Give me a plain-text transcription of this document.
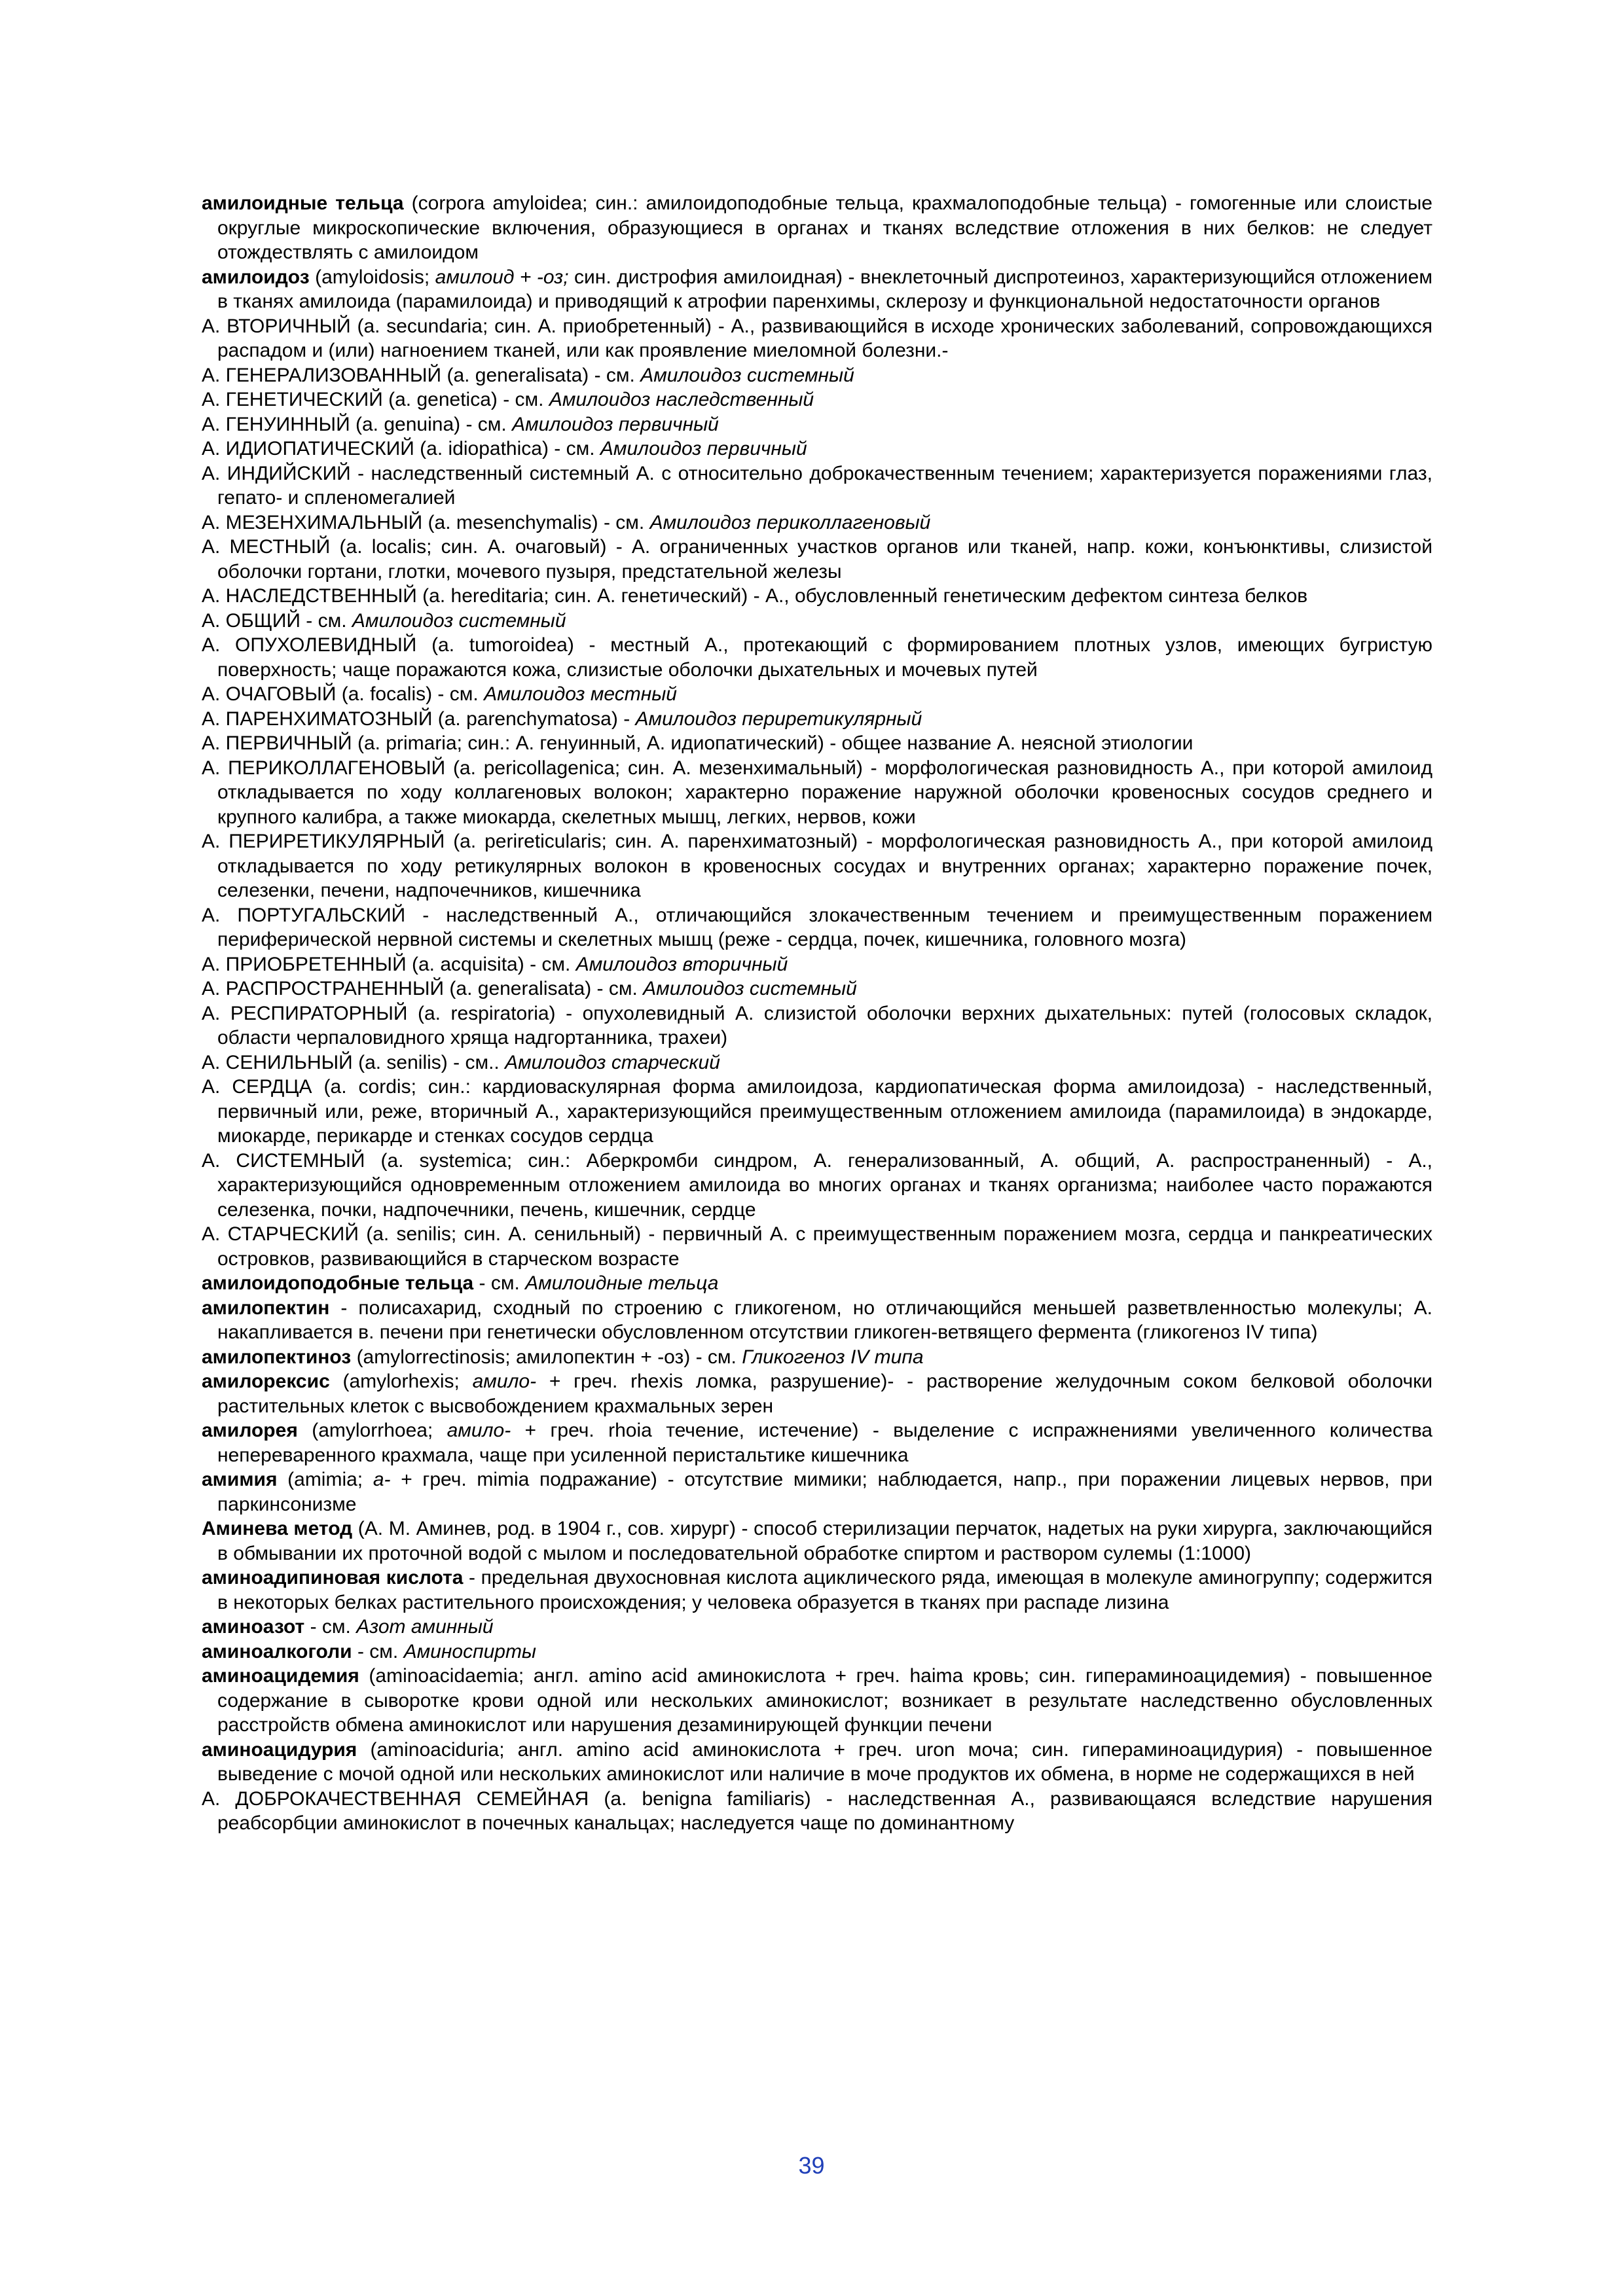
амилоидные тельца (corpora amyloidea; син.: амилоидоподобные тельца, крахмалоподобные тельца) - гомогенные или слоистые округлые микроскопические включения, образующиеся в органах и тканях вследствие отложения в них белков: не следует отождествлять с амилоидом

амилоидоз (amyloidosis; амилоид + -оз; син. дистрофия амилоидная) - внеклеточный диспротеиноз, характеризующийся отложением в тканях амилоида (парамилоида) и приводящий к атрофии паренхимы, склерозу и функциональной недостаточности органов

А. ВТОРИЧНЫЙ (a. secundaria; син. А. приобретенный) - А., развивающийся в исходе хронических заболеваний, сопровождающихся распадом и (или) нагноением тканей, или как проявление миеломной болезни.-

А. ГЕНЕРАЛИЗОВАННЫЙ (a. generalisata) - см. Амилоидоз системный

А. ГЕНЕТИЧЕСКИЙ (a. genetica) - см. Амилоидоз наследственный

А. ГЕНУИННЫЙ (a. genuina) - см. Амилоидоз первичный

А. ИДИОПАТИЧЕСКИЙ (a. idiopathica) - см. Амилоидоз первичный

А. ИНДИЙСКИЙ - наследственный системный А. с относительно доброкачественным течением; характеризуется поражениями глаз, гепато- и спленомегалией

А. МЕЗЕНХИМАЛЬНЫЙ (a. mesenchymalis) - см. Амилоидоз периколлагеновый

А. МЕСТНЫЙ (a. localis; син. А. очаговый) - А. ограниченных участков органов или тканей, напр. кожи, конъюнктивы, слизистой оболочки гортани, глотки, мочевого пузыря, предстательной железы

А. НАСЛЕДСТВЕННЫЙ (a. hereditaria; син. А. генетический) - А., обусловленный генетическим дефектом синтеза белков

А. ОБЩИЙ - см. Амилоидоз системный

А. ОПУХОЛЕВИДНЫЙ (a. tumoroidea) - местный А., протекающий с формированием плотных узлов, имеющих бугристую поверхность; чаще поражаются кожа, слизистые оболочки дыхательных и мочевых путей

А. ОЧАГОВЫЙ (a. focalis) - см. Амилоидоз местный

А. ПАРЕНХИМАТОЗНЫЙ (a. parenchymatosa) - Амилоидоз периретикулярный

А. ПЕРВИЧНЫЙ (a. primaria; син.: А. генуинный, А. идиопатический) - общее название А. неясной этиологии

А. ПЕРИКОЛЛАГЕНОВЫЙ (a. pericollagenica; син. А. мезенхимальный) - морфологическая разновидность А., при которой амилоид откладывается по ходу коллагеновых волокон; характерно поражение наружной оболочки кровеносных сосудов среднего и крупного калибра, а также миокарда, скелетных мышц, легких, нервов, кожи

А. ПЕРИРЕТИКУЛЯРНЫЙ (a. perireticularis; син. А. паренхиматозный) - морфологическая разновидность А., при которой амилоид откладывается по ходу ретикулярных волокон в кровеносных сосудах и внутренних органах; характерно поражение почек, селезенки, печени, надпочечников, кишечника

А. ПОРТУГАЛЬСКИЙ - наследственный А., отличающийся злокачественным течением и преимущественным поражением периферической нервной системы и скелетных мышц (реже - сердца, почек, кишечника, головного мозга)

А. ПРИОБРЕТЕННЫЙ (a. acquisita) - см. Амилоидоз вторичный

А. РАСПРОСТРАНЕННЫЙ (a. generalisata) - см. Амилоидоз системный

А. РЕСПИРАТОРНЫЙ (a. respiratoria) - опухолевидный А. слизистой оболочки верхних дыхательных: путей (голосовых складок, области черпаловидного хряща надгортанника, трахеи)

А. СЕНИЛЬНЫЙ (a. senilis) - см.. Амилоидоз старческий

А. СЕРДЦА (a. cordis; син.: кардиоваскулярная форма амилоидоза, кардиопатическая форма амилоидоза) - наследственный, первичный или, реже, вторичный А., характеризующийся преимущественным отложением амилоида (парамилоида) в эндокарде, миокарде, перикарде и стенках сосудов сердца

А. СИСТЕМНЫЙ (a. systemica; син.: Аберкромби синдром, А. генерализованный, А. общий, А. распространенный) - А., характеризующийся одновременным отложением амилоида во многих органах и тканях организма; наиболее часто поражаются селезенка, почки, надпочечники, печень, кишечник, сердце

А. СТАРЧЕСКИЙ (a. senilis; син. А. сенильный) - первичный А. с преимущественным поражением мозга, сердца и панкреатических островков, развивающийся в старческом возрасте

амилоидоподобные тельца - см. Амилоидные тельца

амилопектин - полисахарид, сходный по строению с гликогеном, но отличающийся меньшей разветвленностью молекулы; А. накапливается в. печени при генетически обусловленном отсутствии гликоген-ветвящего фермента (гликогеноз IV типа)

амилопектиноз (amylorrectinosis; амилопектин + -оз) - см. Гликогеноз IV типа

амилорексис (amylorhexis; амило- + греч. rhexis ломка, разрушение)- - растворение желудочным соком белковой оболочки растительных клеток с высвобождением крахмальных зерен

амилорея (amylorrhoea; амило- + греч. rhoia течение, истечение) - выделение с испражнениями увеличенного количества непереваренного крахмала, чаще при усиленной перистальтике кишечника

амимия (amimia; а- + греч. mimia подражание) - отсутствие мимики; наблюдается, напр., при поражении лицевых нервов, при паркинсонизме

Аминева метод (А. М. Аминев, род. в 1904 г., сов. хирург) - способ стерилизации перчаток, надетых на руки хирурга, заключающийся в обмывании их проточной водой с мылом и последовательной обработке спиртом и раствором сулемы (1:1000)

аминоадипиновая кислота - предельная двухосновная кислота ациклического ряда, имеющая в молекуле аминогруппу; содержится в некоторых белках растительного происхождения; у человека образуется в тканях при распаде лизина

аминоазот - см. Азот аминный

аминоалкоголи - см. Аминоспирты

аминоацидемия (aminoacidaemia; англ. amino acid аминокислота + греч. haima кровь; син. гипераминоацидемия) - повышенное содержание в сыворотке крови одной или нескольких аминокислот; возникает в результате наследственно обусловленных расстройств обмена аминокислот или нарушения дезаминирующей функции печени

аминоацидурия (aminoaciduria; англ. amino acid аминокислота + греч. uron моча; син. гипераминоацидурия) - повышенное выведение с мочой одной или нескольких аминокислот или наличие в моче продуктов их обмена, в норме не содержащихся в ней

А. ДОБРОКАЧЕСТВЕННАЯ СЕМЕЙНАЯ (a. benigna familiaris) - наследственная А., развивающаяся вследствие нарушения реабсорбции аминокислот в почечных канальцах; наследуется чаще по доминантному

39
